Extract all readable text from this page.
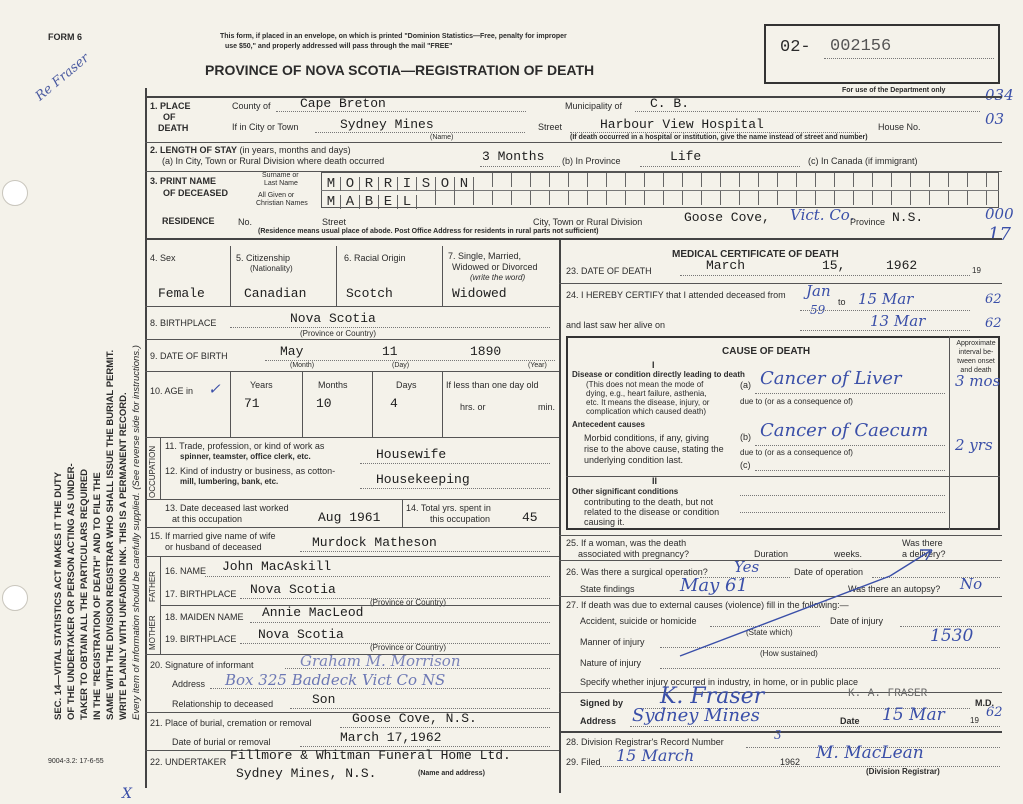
FORM 6
Re Fraser
This form, if placed in an envelope, on which is printed "Dominion Statistics—Free, penalty for improper
use $50," and properly addressed will pass through the mail "FREE"
PROVINCE OF NOVA SCOTIA—REGISTRATION OF DEATH
02- 002156
For use of the Department only	034
03
000
17
SEC. 14—VITAL STATISTICS ACT MAKES IT THE DUTY OF THE UNDERTAKER OR PERSON ACTING AS UNDER- TAKER TO OBTAIN ALL THE PARTICULARS REQUIRED IN THE "REGISTRATION OF DEATH" AND TO FILE THE SAME WITH THE DIVISION REGISTRAR WHO SHALL ISSUE THE BURIAL PERMIT. WRITE PLAINLY WITH UNFADING INK. THIS IS A PERMANENT RECORD. Every item of information should be carefully supplied. (See reverse side for instructions.)
9004-3.2: 17-6-55
X
1. PLACE
OF
DEATH
County of Cape Breton	Municipality of C. B.
If in City or Town	Sydney Mines
(Name)
Street	Harbour View Hospital	House No.
(If death occurred in a hospital or institution, give the name instead of street and number)
2. LENGTH OF STAY (in years, months and days)
(a) In City, Town or Rural Division where death occurred	3 Months (b) In Province	Life	(c) In Canada (if immigrant)
3. PRINT NAME
OF DECEASED
Surname or
Last Name
All Given or
Christian Names
M O R R I S O N
M A B E L
RESIDENCE	No.	Street	City, Town or Rural Division	Goose Cove, Vict. Co.
Province N.S.
(Residence means usual place of abode. Post Office Address for residents in rural parts not sufficient)
4. Sex	5. Citizenship
(Nationality)
6. Racial Origin	7. Single, Married,
Widowed or Divorced
(write the word)
Female	Canadian	Scotch	Widowed
8. BIRTHPLACE	Nova Scotia
(Province or Country)
9. DATE OF BIRTH	May	11	1890
(Month)	(Day)	(Year)
10. AGE in ✓	Years	Months	Days
71	10	4
If less than one day old
hrs. or	min.
OCCUPATION 11. Trade, profession, or kind of work as
spinner, teamster, office clerk, etc.	Housewife
12. Kind of industry or business, as cotton-
mill, lumbering, bank, etc.	Housekeeping
13. Date deceased last worked
at this occupation	Aug 1961
14. Total yrs. spent in
this occupation 45
15. If married give name of wife
or husband of deceased	Murdock Matheson
FATHER
MOTHER
16. NAME John MacAskill
17. BIRTHPLACE Nova Scotia
(Province or Country)
18. MAIDEN NAME Annie MacLeod
19. BIRTHPLACE Nova Scotia
(Province or Country)
20. Signature of informant	Graham M. Morrison
Address Box 325 Baddeck Vict Co NS
Relationship to deceased	Son
21. Place of burial, cremation or removal	Goose Cove, N.S.
Date of burial or removal	March 17,1962
22. UNDERTAKER Fillmore & Whitman Funeral Home Ltd.
Sydney Mines, N.S.	(Name and address)
MEDICAL CERTIFICATE OF DEATH
23. DATE OF DEATH	March	15,	1962	19
24. I HEREBY CERTIFY that I attended deceased from Jan
59
to 15 Mar	62
and last saw her alive on	13 Mar	62
CAUSE OF DEATH
Approximate interval be- tween onset and death
I
Disease or condition directly leading to death
(This does not mean the mode of
dying, e.g., heart failure, asthenia,
etc. It means the disease, injury, or
complication which caused death)
(a) Cancer of Liver	3 mos
due to (or as a consequence of)
Antecedent causes
Morbid conditions, if any, giving
rise to the above cause, stating the
underlying condition last.
(b) Cancer of Caecum
2 yrs
due to (or as a consequence of)
(c)
II
Other significant conditions
contributing to the death, but not
related to the disease or condition
causing it.
25. If a woman, was the death
associated with pregnancy?	Duration	weeks.
Was there
a delivery?
26. Was there a surgical operation? Yes	Date of operation
State findings	May 61	Was there an autopsy? No
27. If death was due to external causes (violence) fill in the following:—
Accident, suicide or homicide
(State which)
Date of injury
Manner of injury	1530
(How sustained)
Nature of injury
Specify whether injury occurred in industry, in home, or in public place
Signed by K. Fraser	K. A. FRASER
M.D.
Address Sydney Mines	Date 15 Mar	19
62
28. Division Registrar's Record Number	3
29. Filed 15 March	1962 M. MacLean
(Division Registrar)
